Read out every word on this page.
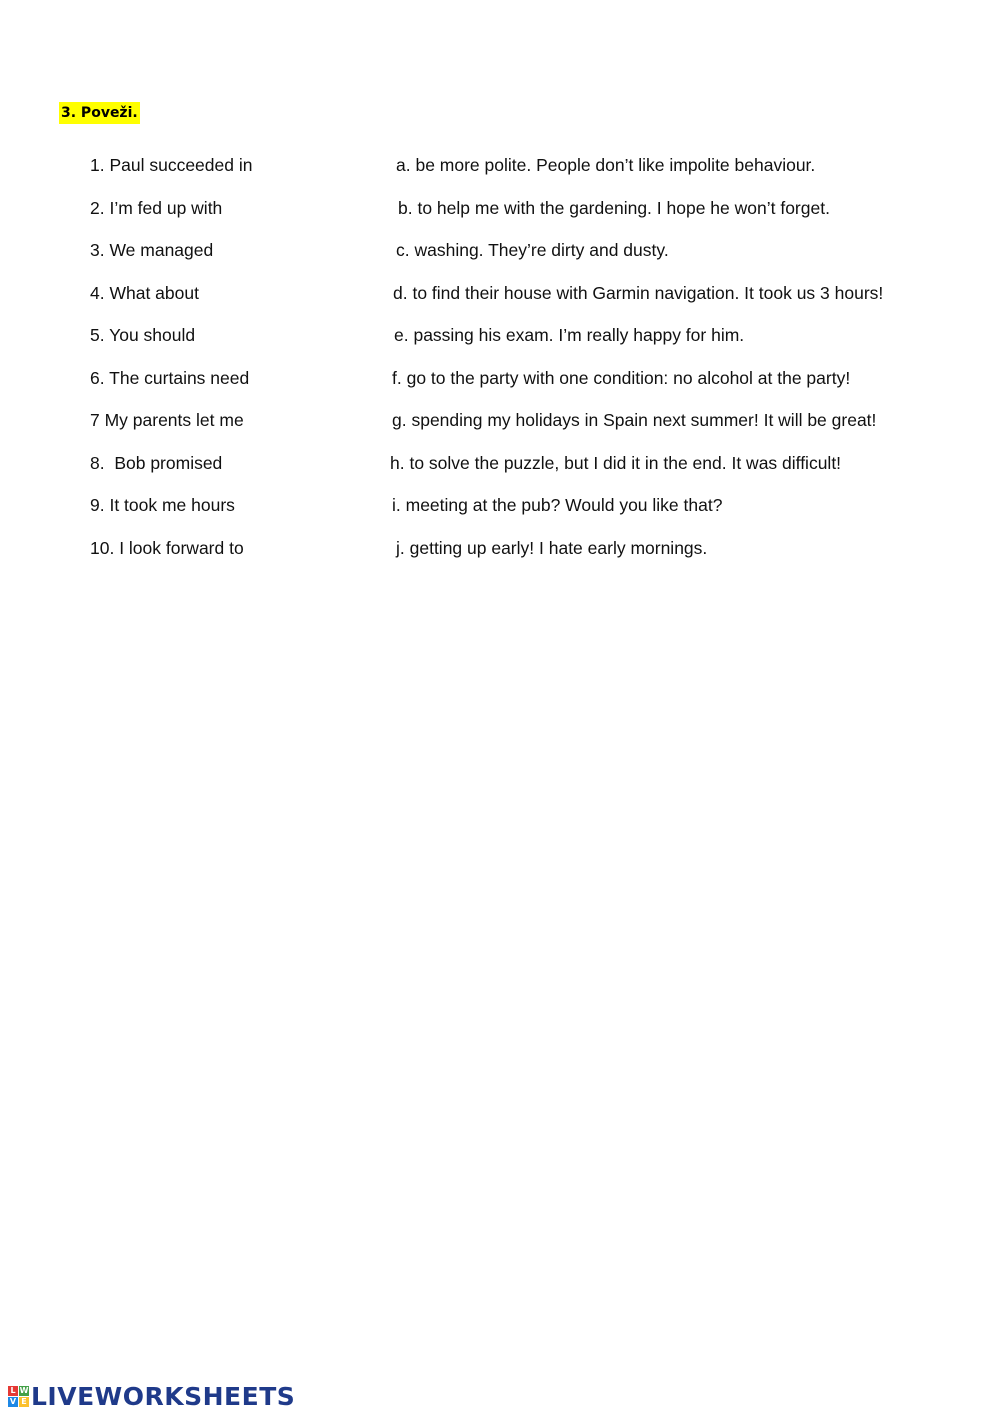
3. Poveži.
1. Paul succeeded in	a. be more polite. People don’t like impolite behaviour.
2. I’m fed up with	b. to help me with the gardening. I hope he won’t forget.
3. We managed	c. washing. They’re dirty and dusty.
4. What about	d. to find their house with Garmin navigation. It took us 3 hours!
5. You should	e. passing his exam. I’m really happy for him.
6. The curtains need	f. go to the party with one condition: no alcohol at the party!
7 My parents let me	g. spending my holidays in Spain next summer! It will be great!
8.  Bob promised	h. to solve the puzzle, but I did it in the end. It was difficult!
9. It took me hours	i. meeting at the pub? Would you like that?
10. I look forward to	j. getting up early! I hate early mornings.
L W
V E LIVEWORKSHEETS
